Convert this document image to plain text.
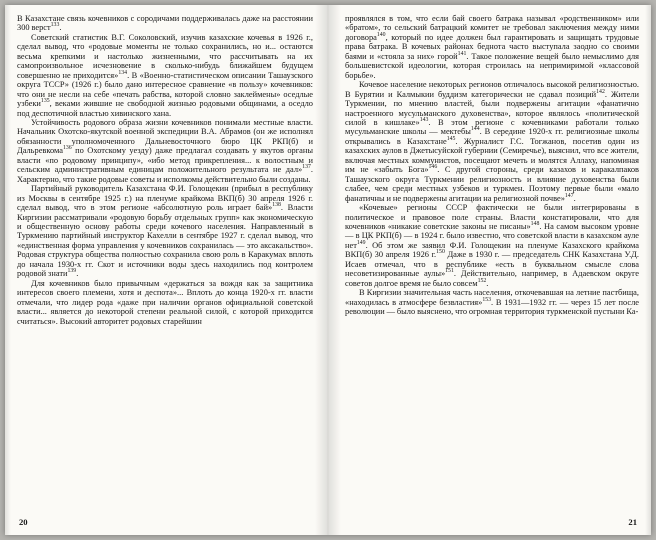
В Казахстане связь кочевников с сородичами поддерживалась даже на расстоянии 300 верст$^{133}$.

Советский статистик В.Г. Соколовский, изучив казахские кочевья в 1926 г., сделал вывод, что «родовые моменты не только сохранились, но и... остаются весьма крепкими и настолько жизненными, что рассчитывать на их самопроизвольное исчезновение в сколько-нибудь ближайшем будущем совершенно не приходится»$^{134}$. В «Военно-статистическом описании Ташаузского округа ТССР» (1926 г.) было дано интересное сравнение «в пользу» кочевников: что они не несли на себе «печать рабства, которой словно заклеймены» оседлые узбеки$^{135}$, веками жившие не свободной жизнью родовыми общинами, а оседло под деспотичной властью хивинского хана.

Устойчивость родового образа жизни кочевников понимали местные власти. Начальник Охотско-якутской военной экспедиции В.А. Абрамов (он же исполнял обязанности уполномоченного Дальневосточного бюро ЦК РКП(б) и Дальревкома$^{136}$ по Охотскому уезду) даже предлагал создавать у якутов органы власти «по родовому принципу», «ибо метод прикрепления... к волостным и сельским административным единицам положительного результата не дал»$^{137}$. Характерно, что такие родовые советы и исполкомы действительно были созданы.

Партийный руководитель Казахстана Ф.И. Голощекин (прибыл в республику из Москвы в сентябре 1925 г.) на пленуме крайкома ВКП(б) 30 апреля 1926 г. сделал вывод, что в этом регионе «абсолютную роль играет бай»$^{138}$. Власти Киргизии рассматривали «родовую борьбу отдельных групп» как экономическую и общественную основу работы среди кочевого населения. Направленный в Туркмению партийный инструктор Кахелли в сентябре 1927 г. сделал вывод, что «единственная форма управления у кочевников сохранилась — это аксакальство». Родовая структура общества полностью сохранила свою роль в Каракумах вплоть до начала 1930-х гг. Скот и источники воды здесь находились под контролем родовой знати$^{139}$.

Для кочевников было привычным «держаться за вождя как за защитника интересов своего племени, хотя и деспота»... Вплоть до конца 1920-х гг. власти отмечали, что лидер рода «даже при наличии органов официальной советской власти... является до некоторой степени реальной силой, с которой приходится считаться». Высокий авторитет родовых старейшин

20

проявлялся в том, что если бай своего батрака называл «родственником» или «братом», то сельский батрацкий комитет не требовал заключения между ними договора$^{140}$, который по идее должен был гарантировать и защищать трудовые права батрака. В кочевых районах беднота часто выступала заодно со своими баями и «стояла за них» горой$^{141}$. Такое положение вещей было немыслимо для большевистской идеологии, которая строилась на непримиримой «классовой борьбе».

Кочевое население некоторых регионов отличалось высокой религиозностью. В Бурятии и Калмыкии буддизм категорически не сдавал позиций$^{142}$. Жители Туркмении, по мнению властей, были подвержены агитации «фанатично настроенного мусульманского духовенства», которое являлось «политической силой в кишлаке»$^{143}$. В этом регионе с кочевниками работали только мусульманские школы — мектебы$^{144}$. В середине 1920-х гг. религиозные школы открывались в Казахстане$^{145}$. Журналист Г.С. Тогжанов, посетив один из казахских аулов в Джетысуйской губернии (Семиречье), выяснил, что все жители, включая местных коммунистов, посещают мечеть и молятся Аллаху, напоминая им не «забыть Бога»$^{146}$. С другой стороны, среди казахов и каракалпаков Ташаузского округа Туркмении религиозность и влияние духовенства были слабее, чем среди местных узбеков и туркмен. Поэтому первые были «мало фанатичны и не подвержены агитации на религиозной почве»$^{147}$.

«Кочевые» регионы СССР фактически не были интегрированы в политическое и правовое поле страны. Власти констатировали, что для кочевников «никакие советские законы не писаны»$^{148}$. На самом высоком уровне — в ЦК РКП(б) — в 1924 г. было известно, что советской власти в казахском ауле нет$^{149}$. Об этом же заявил Ф.И. Голощекин на пленуме Казахского крайкома ВКП(б) 30 апреля 1926 г.$^{150}$ Даже в 1930 г. — председатель СНК Казахстана У.Д. Исаев отмечал, что в республике «есть в буквальном смысле слова несоветизированные аулы»$^{151}$. Действительно, например, в Адаевском округе советов долгое время не было совсем$^{152}$.

В Киргизии значительная часть населения, откочевавшая на летние пастбища, «находилась в атмосфере безвластия»$^{153}$. В 1931—1932 гг. — через 15 лет после революции — было выяснено, что огромная территория туркменской пустыни Ка-

21
